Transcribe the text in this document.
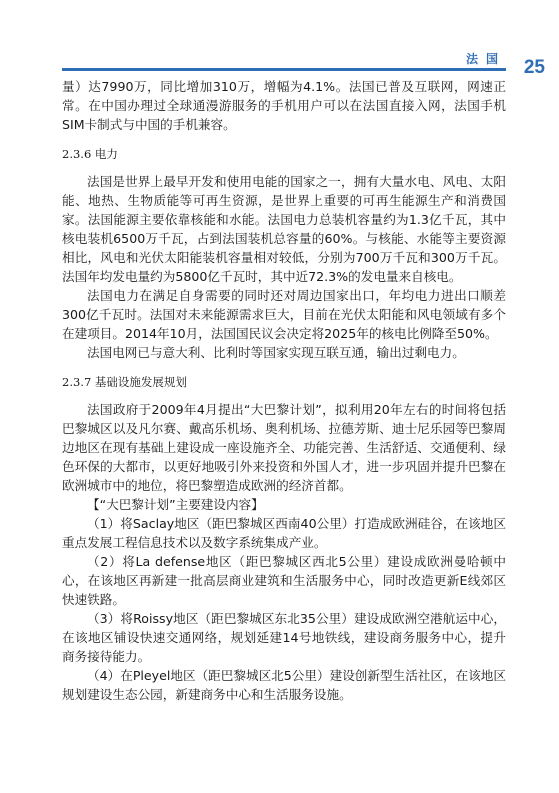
法国 25

量）达7990万，同比增加310万，增幅为4.1%。法国已普及互联网，网速正常。在中国办理过全球通漫游服务的手机用户可以在法国直接入网，法国手机SIM卡制式与中国的手机兼容。

2.3.6 电力

法国是世界上最早开发和使用电能的国家之一，拥有大量水电、风电、太阳能、地热、生物质能等可再生资源，是世界上重要的可再生能源生产和消费国家。法国能源主要依靠核能和水能。法国电力总装机容量约为1.3亿千瓦，其中核电装机6500万千瓦，占到法国装机总容量的60%。与核能、水能等主要资源相比，风电和光伏太阳能装机容量相对较低，分别为700万千瓦和300万千瓦。法国年均发电量约为5800亿千瓦时，其中近72.3%的发电量来自核电。

法国电力在满足自身需要的同时还对周边国家出口，年均电力进出口顺差300亿千瓦时。法国对未来能源需求巨大，目前在光伏太阳能和风电领域有多个在建项目。2014年10月，法国国民议会决定将2025年的核电比例降至50%。

法国电网已与意大利、比利时等国家实现互联互通，输出过剩电力。

2.3.7 基础设施发展规划

法国政府于2009年4月提出“大巴黎计划”，拟利用20年左右的时间将包括巴黎城区以及凡尔赛、戴高乐机场、奥利机场、拉德芳斯、迪士尼乐园等巴黎周边地区在现有基础上建设成一座设施齐全、功能完善、生活舒适、交通便利、绿色环保的大都市，以更好地吸引外来投资和外国人才，进一步巩固并提升巴黎在欧洲城市中的地位，将巴黎塑造成欧洲的经济首都。

【“大巴黎计划”主要建设内容】

（1）将Saclay地区（距巴黎城区西南40公里）打造成欧洲硅谷，在该地区重点发展工程信息技术以及数字系统集成产业。

（2）将La defense地区（距巴黎城区西北5公里）建设成欧洲曼哈顿中心，在该地区再新建一批高层商业建筑和生活服务中心，同时改造更新E线郊区快速铁路。

（3）将Roissy地区（距巴黎城区东北35公里）建设成欧洲空港航运中心，在该地区铺设快速交通网络，规划延建14号地铁线，建设商务服务中心，提升商务接待能力。

（4）在Pleyel地区（距巴黎城区北5公里）建设创新型生活社区，在该地区规划建设生态公园，新建商务中心和生活服务设施。
